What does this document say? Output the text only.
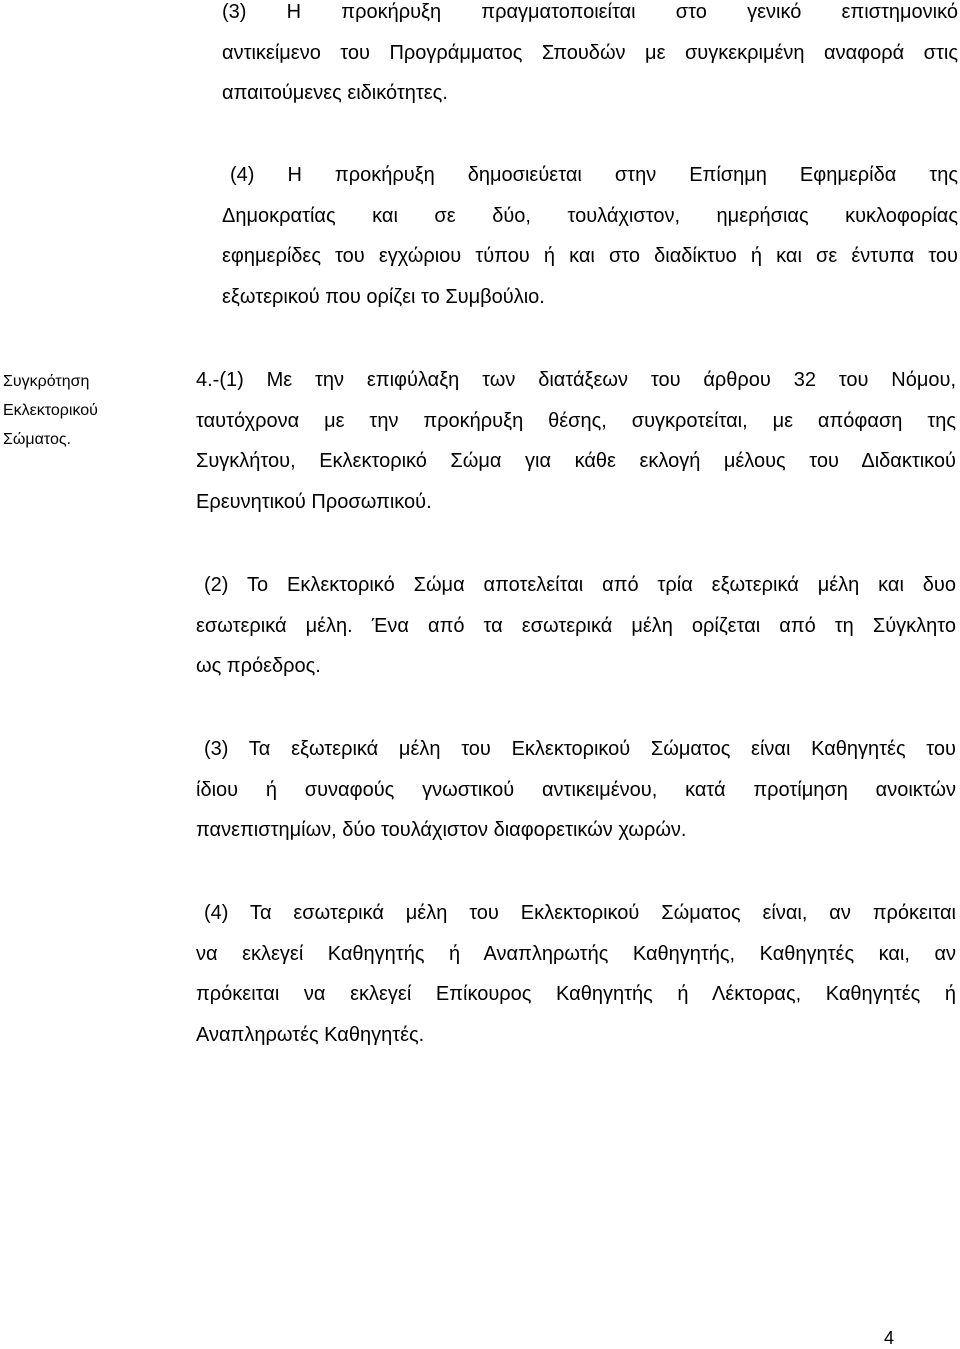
(3) Η προκήρυξη πραγματοποιείται στο γενικό επιστημονικό
αντικείμενο του Προγράμματος Σπουδών με συγκεκριμένη αναφορά στις
απαιτούμενες ειδικότητες.
(4) Η προκήρυξη δημοσιεύεται στην Επίσημη Εφημερίδα της
Δημοκρατίας και σε δύο, τουλάχιστον, ημερήσιας κυκλοφορίας
εφημερίδες του εγχώριου τύπου ή και στο διαδίκτυο ή και σε έντυπα του
εξωτερικού που ορίζει το Συμβούλιο.
Συγκρότηση
Εκλεκτορικού
Σώματος.
4.-(1) Με την επιφύλαξη των διατάξεων του άρθρου 32 του Νόμου,
ταυτόχρονα με την προκήρυξη θέσης, συγκροτείται, με απόφαση της
Συγκλήτου, Εκλεκτορικό Σώμα για κάθε εκλογή μέλους του Διδακτικού
Ερευνητικού Προσωπικού.
(2) Το Εκλεκτορικό Σώμα αποτελείται από τρία εξωτερικά μέλη και δυο
εσωτερικά μέλη. Ένα από τα εσωτερικά μέλη ορίζεται από τη Σύγκλητο
ως πρόεδρος.
(3) Τα εξωτερικά μέλη του Εκλεκτορικού Σώματος είναι Καθηγητές του
ίδιου ή συναφούς γνωστικού αντικειμένου, κατά προτίμηση ανοικτών
πανεπιστημίων, δύο τουλάχιστον διαφορετικών χωρών.
(4) Τα εσωτερικά μέλη του Εκλεκτορικού Σώματος είναι, αν πρόκειται
να εκλεγεί Καθηγητής ή Αναπληρωτής Καθηγητής, Καθηγητές και, αν
πρόκειται να εκλεγεί Επίκουρος Καθηγητής ή Λέκτορας, Καθηγητές ή
Αναπληρωτές Καθηγητές.
4
